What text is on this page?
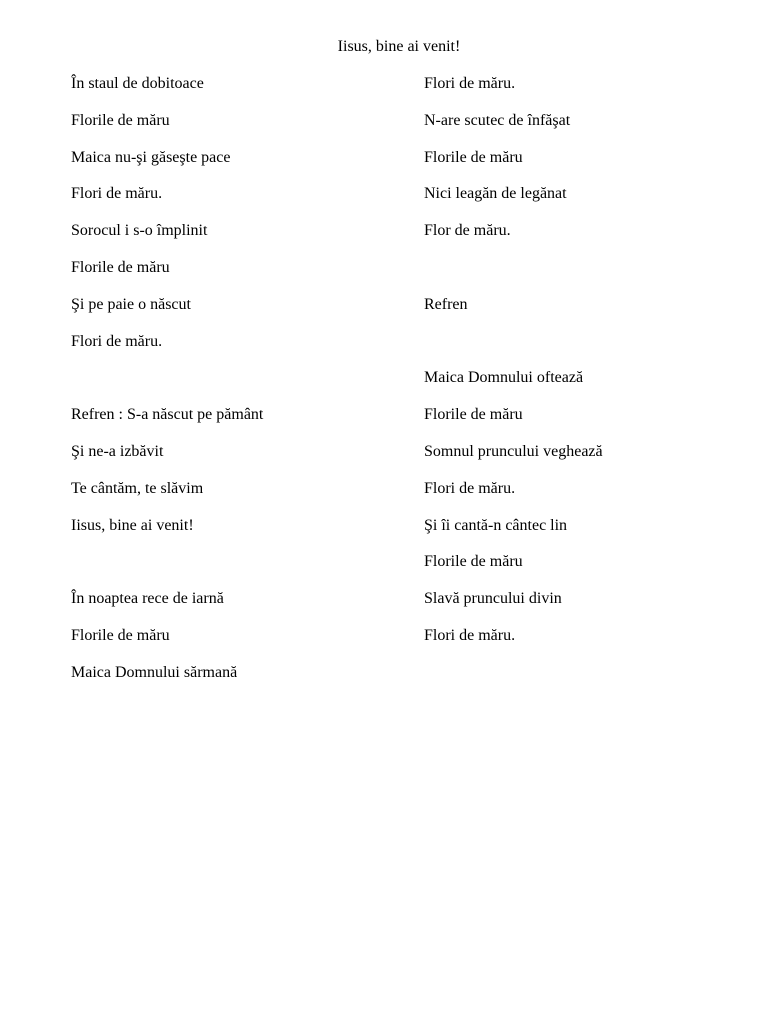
Iisus, bine ai venit!
În staul de dobitoace
Florile de măru
Maica nu-şi găseşte pace
Flori de măru.
Sorocul i s-o împlinit
Florile de măru
Şi pe paie o născut
Flori de măru.
Refren : S-a născut pe pământ
Şi ne-a izbăvit
Te cântăm, te slăvim
Iisus, bine ai venit!
În noaptea rece de iarnă
Florile de măru
Maica Domnului sărmană
Flori de măru.
N-are scutec de înfăşat
Florile de măru
Nici leagăn de legănat
Flor de măru.
Refren
Maica Domnului oftează
Florile de măru
Somnul pruncului veghează
Flori de măru.
Şi îi cantă-n cântec lin
Florile de măru
Slavă pruncului divin
Flori de măru.
